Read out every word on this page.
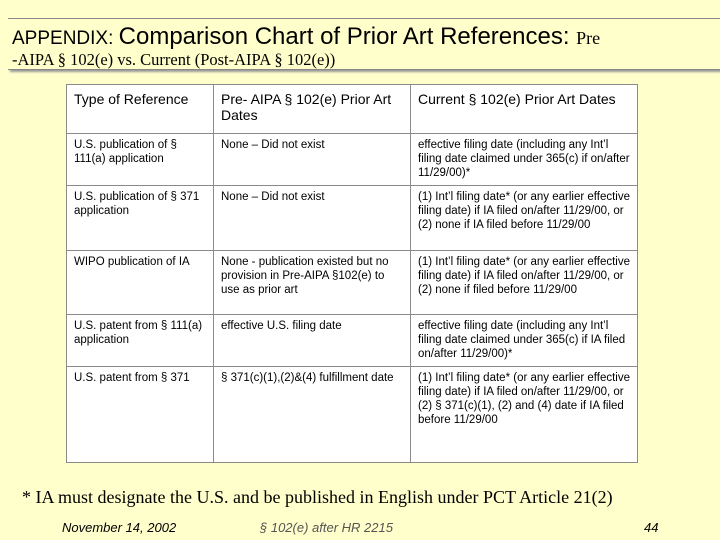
APPENDIX: Comparison Chart of Prior Art References: Pre
-AIPA § 102(e) vs. Current (Post-AIPA § 102(e))
Type of Reference	Pre- AIPA § 102(e) Prior Art Dates	Current § 102(e) Prior Art Dates
U.S. publication of § 111(a) application	None – Did not exist	effective filing date (including any Int’l filing date claimed under 365(c) if on/after 11/29/00)*
U.S. publication of § 371 application	None – Did not exist	(1) Int’l filing date* (or any earlier effective filing date) if IA filed on/after 11/29/00, or
(2) none if IA filed before 11/29/00
WIPO publication of IA	None - publication existed but no provision in Pre-AIPA §102(e) to use as prior art	(1) Int’l filing date* (or any earlier effective filing date) if IA filed on/after 11/29/00, or
(2) none if filed before 11/29/00
U.S. patent from § 111(a) application	effective U.S. filing date	effective filing date (including any Int’l filing date claimed under 365(c) if IA filed on/after 11/29/00)*
U.S. patent from § 371	§ 371(c)(1),(2)&(4) fulfillment date	(1) Int’l filing date* (or any earlier effective filing date) if IA filed on/after 11/29/00, or
(2) § 371(c)(1), (2) and (4) date if IA filed before 11/29/00
* IA must designate the U.S. and be published in English under PCT Article 21(2)
November 14, 2002	§ 102(e) after HR 2215	44
